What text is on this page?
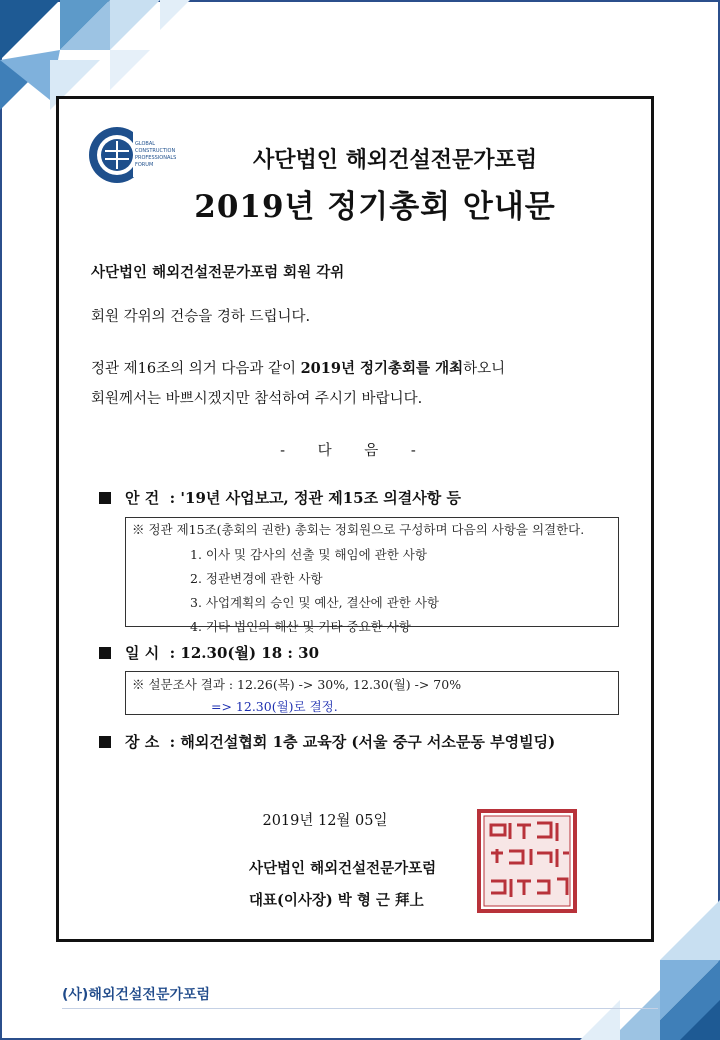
GLOBAL
CONSTRUCTION
PROFESSIONALS
FORUM	사단법인 해외건설전문가포럼
2019년 정기총회 안내문
사단법인 해외건설전문가포럼 회원 각위
회원 각위의 건승을 경하 드립니다.
정관 제16조의 의거 다음과 같이 2019년 정기총회를 개최하오니
회원께서는 바쁘시겠지만 참석하여 주시기 바랍니다.
- 다 음 -
안 건 : '19년 사업보고, 정관 제15조 의결사항 등
※ 정관 제15조(총회의 권한) 총회는 정회원으로 구성하며 다음의 사항을 의결한다.
1. 이사 및 감사의 선출 및 해임에 관한 사항
2. 정관변경에 관한 사항
3. 사업계획의 승인 및 예산, 결산에 관한 사항
4. 기타 법인의 해산 및 기타 중요한 사항
일 시 : 12.30(월) 18 : 30
※ 설문조사 결과 : 12.26(목) -> 30%, 12.30(월) -> 70%
=> 12.30(월)로 결정.
장 소 : 해외건설협회 1층 교육장 (서울 중구 서소문동 부영빌딩)
2019년 12월 05일
사단법인 해외건설전문가포럼
대표(이사장) 박 형 근 拜上
(사)해외건설전문가포럼
